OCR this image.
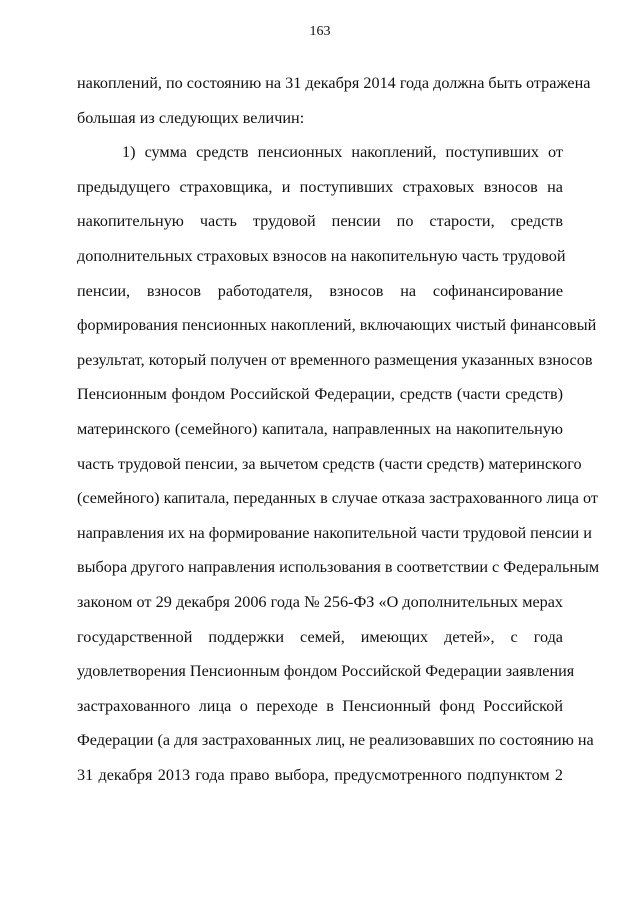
163
накоплений, по состоянию на 31 декабря 2014 года должна быть отражена
большая из следующих величин:
1) сумма средств пенсионных накоплений, поступивших от
предыдущего страховщика, и поступивших страховых взносов на
накопительную часть трудовой пенсии по старости, средств
дополнительных страховых взносов на накопительную часть трудовой
пенсии, взносов работодателя, взносов на софинансирование
формирования пенсионных накоплений, включающих чистый финансовый
результат, который получен от временного размещения указанных взносов
Пенсионным фондом Российской Федерации, средств (части средств)
материнского (семейного) капитала, направленных на накопительную
часть трудовой пенсии, за вычетом средств (части средств) материнского
(семейного) капитала, переданных в случае отказа застрахованного лица от
направления их на формирование накопительной части трудовой пенсии и
выбора другого направления использования в соответствии с Федеральным
законом от 29 декабря 2006 года № 256-ФЗ «О дополнительных мерах
государственной поддержки семей, имеющих детей», с года
удовлетворения Пенсионным фондом Российской Федерации заявления
застрахованного лица о переходе в Пенсионный фонд Российской
Федерации (а для застрахованных лиц, не реализовавших по состоянию на
31 декабря 2013 года право выбора, предусмотренного подпунктом 2
